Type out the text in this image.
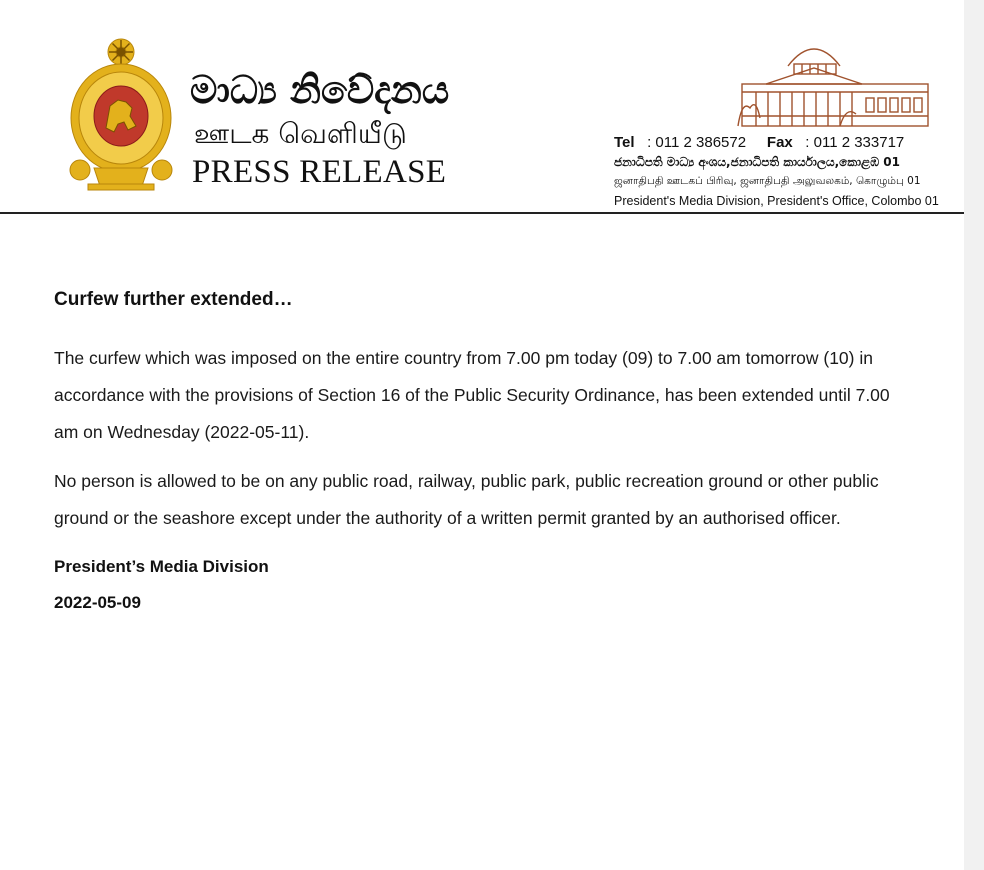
මාධ්‍ය නිවේදනය
ஊடக வெளியீடு
PRESS RELEASE
Tel : 011 2 386572 Fax : 011 2 333717
ජනාධිපති මාධ්‍ය අංශය,ජනාධිපති කාර්යාලය,කොළඹ 01
ஜனாதிபதி ஊடகப் பிரிவு, ஜனாதிபதி அலுவலகம், கொழும்பு 01
President's Media Division, President's Office, Colombo 01

Curfew further extended…

The curfew which was imposed on the entire country from 7.00 pm today (09) to 7.00 am tomorrow (10) in accordance with the provisions of Section 16 of the Public Security Ordinance, has been extended until 7.00 am on Wednesday (2022-05-11).

No person is allowed to be on any public road, railway, public park, public recreation ground or other public ground or the seashore except under the authority of a written permit granted by an authorised officer.

President’s Media Division

2022-05-09
